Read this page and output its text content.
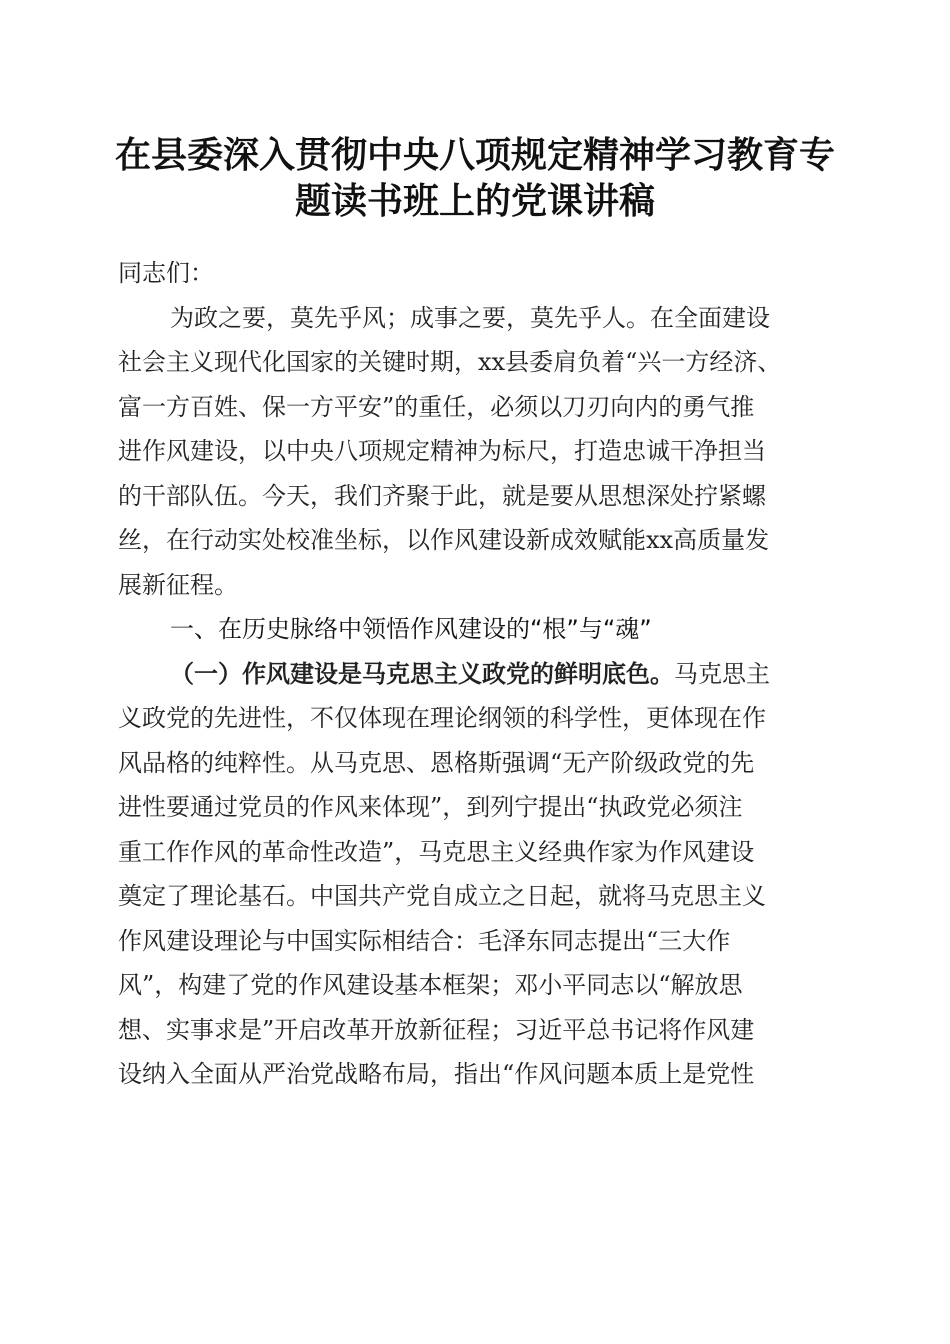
在县委深入贯彻中央八项规定精神学习教育专
题读书班上的党课讲稿
同志们：
为政之要，莫先乎风；成事之要，莫先乎人。在全面建设
社会主义现代化国家的关键时期，xx县委肩负着“兴一方经济、
富一方百姓、保一方平安”的重任，必须以刀刃向内的勇气推
进作风建设，以中央八项规定精神为标尺，打造忠诚干净担当
的干部队伍。今天，我们齐聚于此，就是要从思想深处拧紧螺
丝，在行动实处校准坐标，以作风建设新成效赋能xx高质量发
展新征程。
一、在历史脉络中领悟作风建设的“根”与“魂”
（一）作风建设是马克思主义政党的鲜明底色。马克思主
义政党的先进性，不仅体现在理论纲领的科学性，更体现在作
风品格的纯粹性。从马克思、恩格斯强调“无产阶级政党的先
进性要通过党员的作风来体现”，到列宁提出“执政党必须注
重工作作风的革命性改造”，马克思主义经典作家为作风建设
奠定了理论基石。中国共产党自成立之日起，就将马克思主义
作风建设理论与中国实际相结合：毛泽东同志提出“三大作
风”，构建了党的作风建设基本框架；邓小平同志以“解放思
想、实事求是”开启改革开放新征程；习近平总书记将作风建
设纳入全面从严治党战略布局，指出“作风问题本质上是党性
